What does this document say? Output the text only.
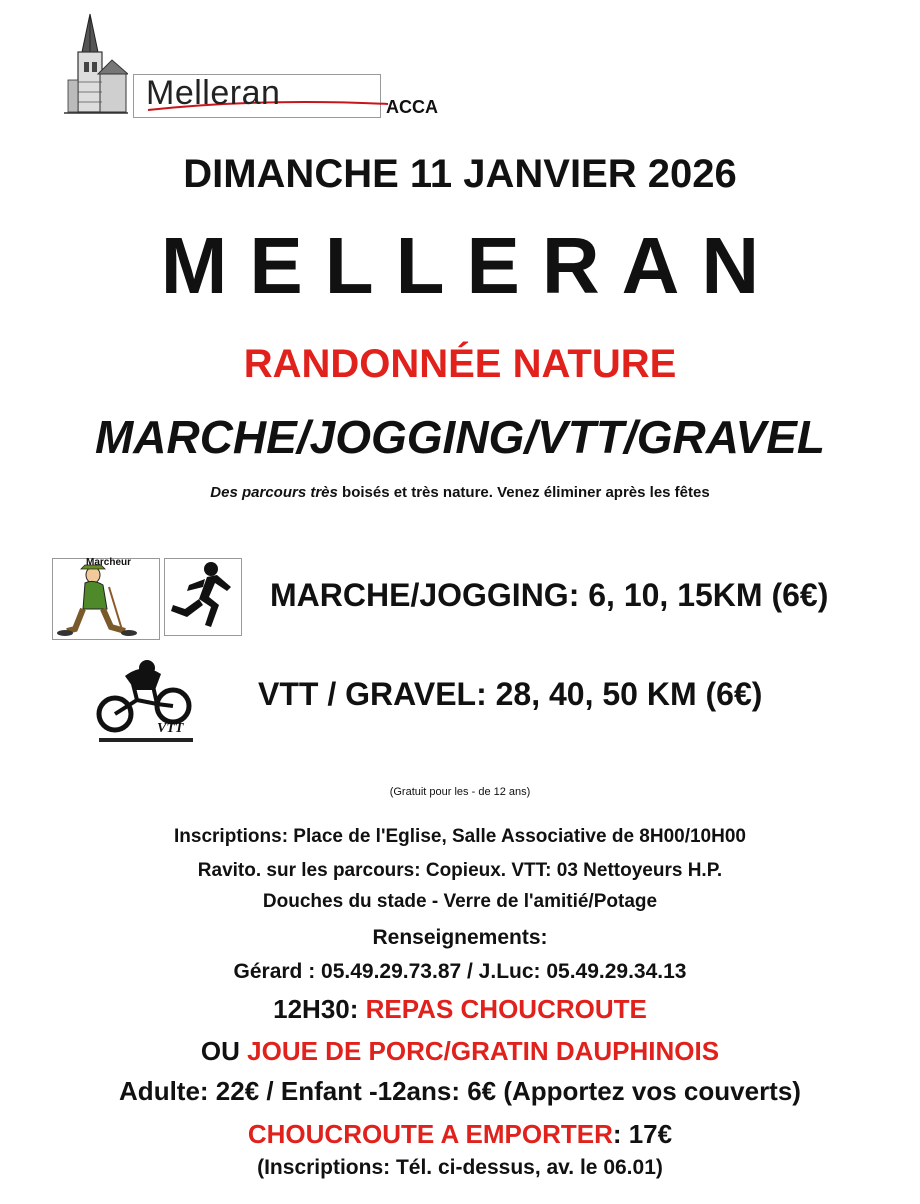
Melleran	ACCA
DIMANCHE 11 JANVIER 2026
MELLERAN
RANDONNÉE NATURE
MARCHE/JOGGING/VTT/GRAVEL
Des parcours très boisés et très nature. Venez éliminer après les fêtes
Marcheur
MARCHE/JOGGING: 6, 10, 15KM (6€)
VTT
VTT / GRAVEL: 28, 40, 50 KM (6€)
(Gratuit pour les - de 12 ans)
Inscriptions: Place de l'Eglise, Salle Associative de 8H00/10H00
Ravito. sur les parcours: Copieux. VTT: 03 Nettoyeurs H.P.
Douches du stade - Verre de l'amitié/Potage
Renseignements:
Gérard : 05.49.29.73.87 / J.Luc: 05.49.29.34.13
12H30: REPAS CHOUCROUTE
OU JOUE DE PORC/GRATIN DAUPHINOIS
Adulte: 22€ / Enfant -12ans: 6€ (Apportez vos couverts)
CHOUCROUTE A EMPORTER: 17€
(Inscriptions: Tél. ci-dessus, av. le 06.01)
